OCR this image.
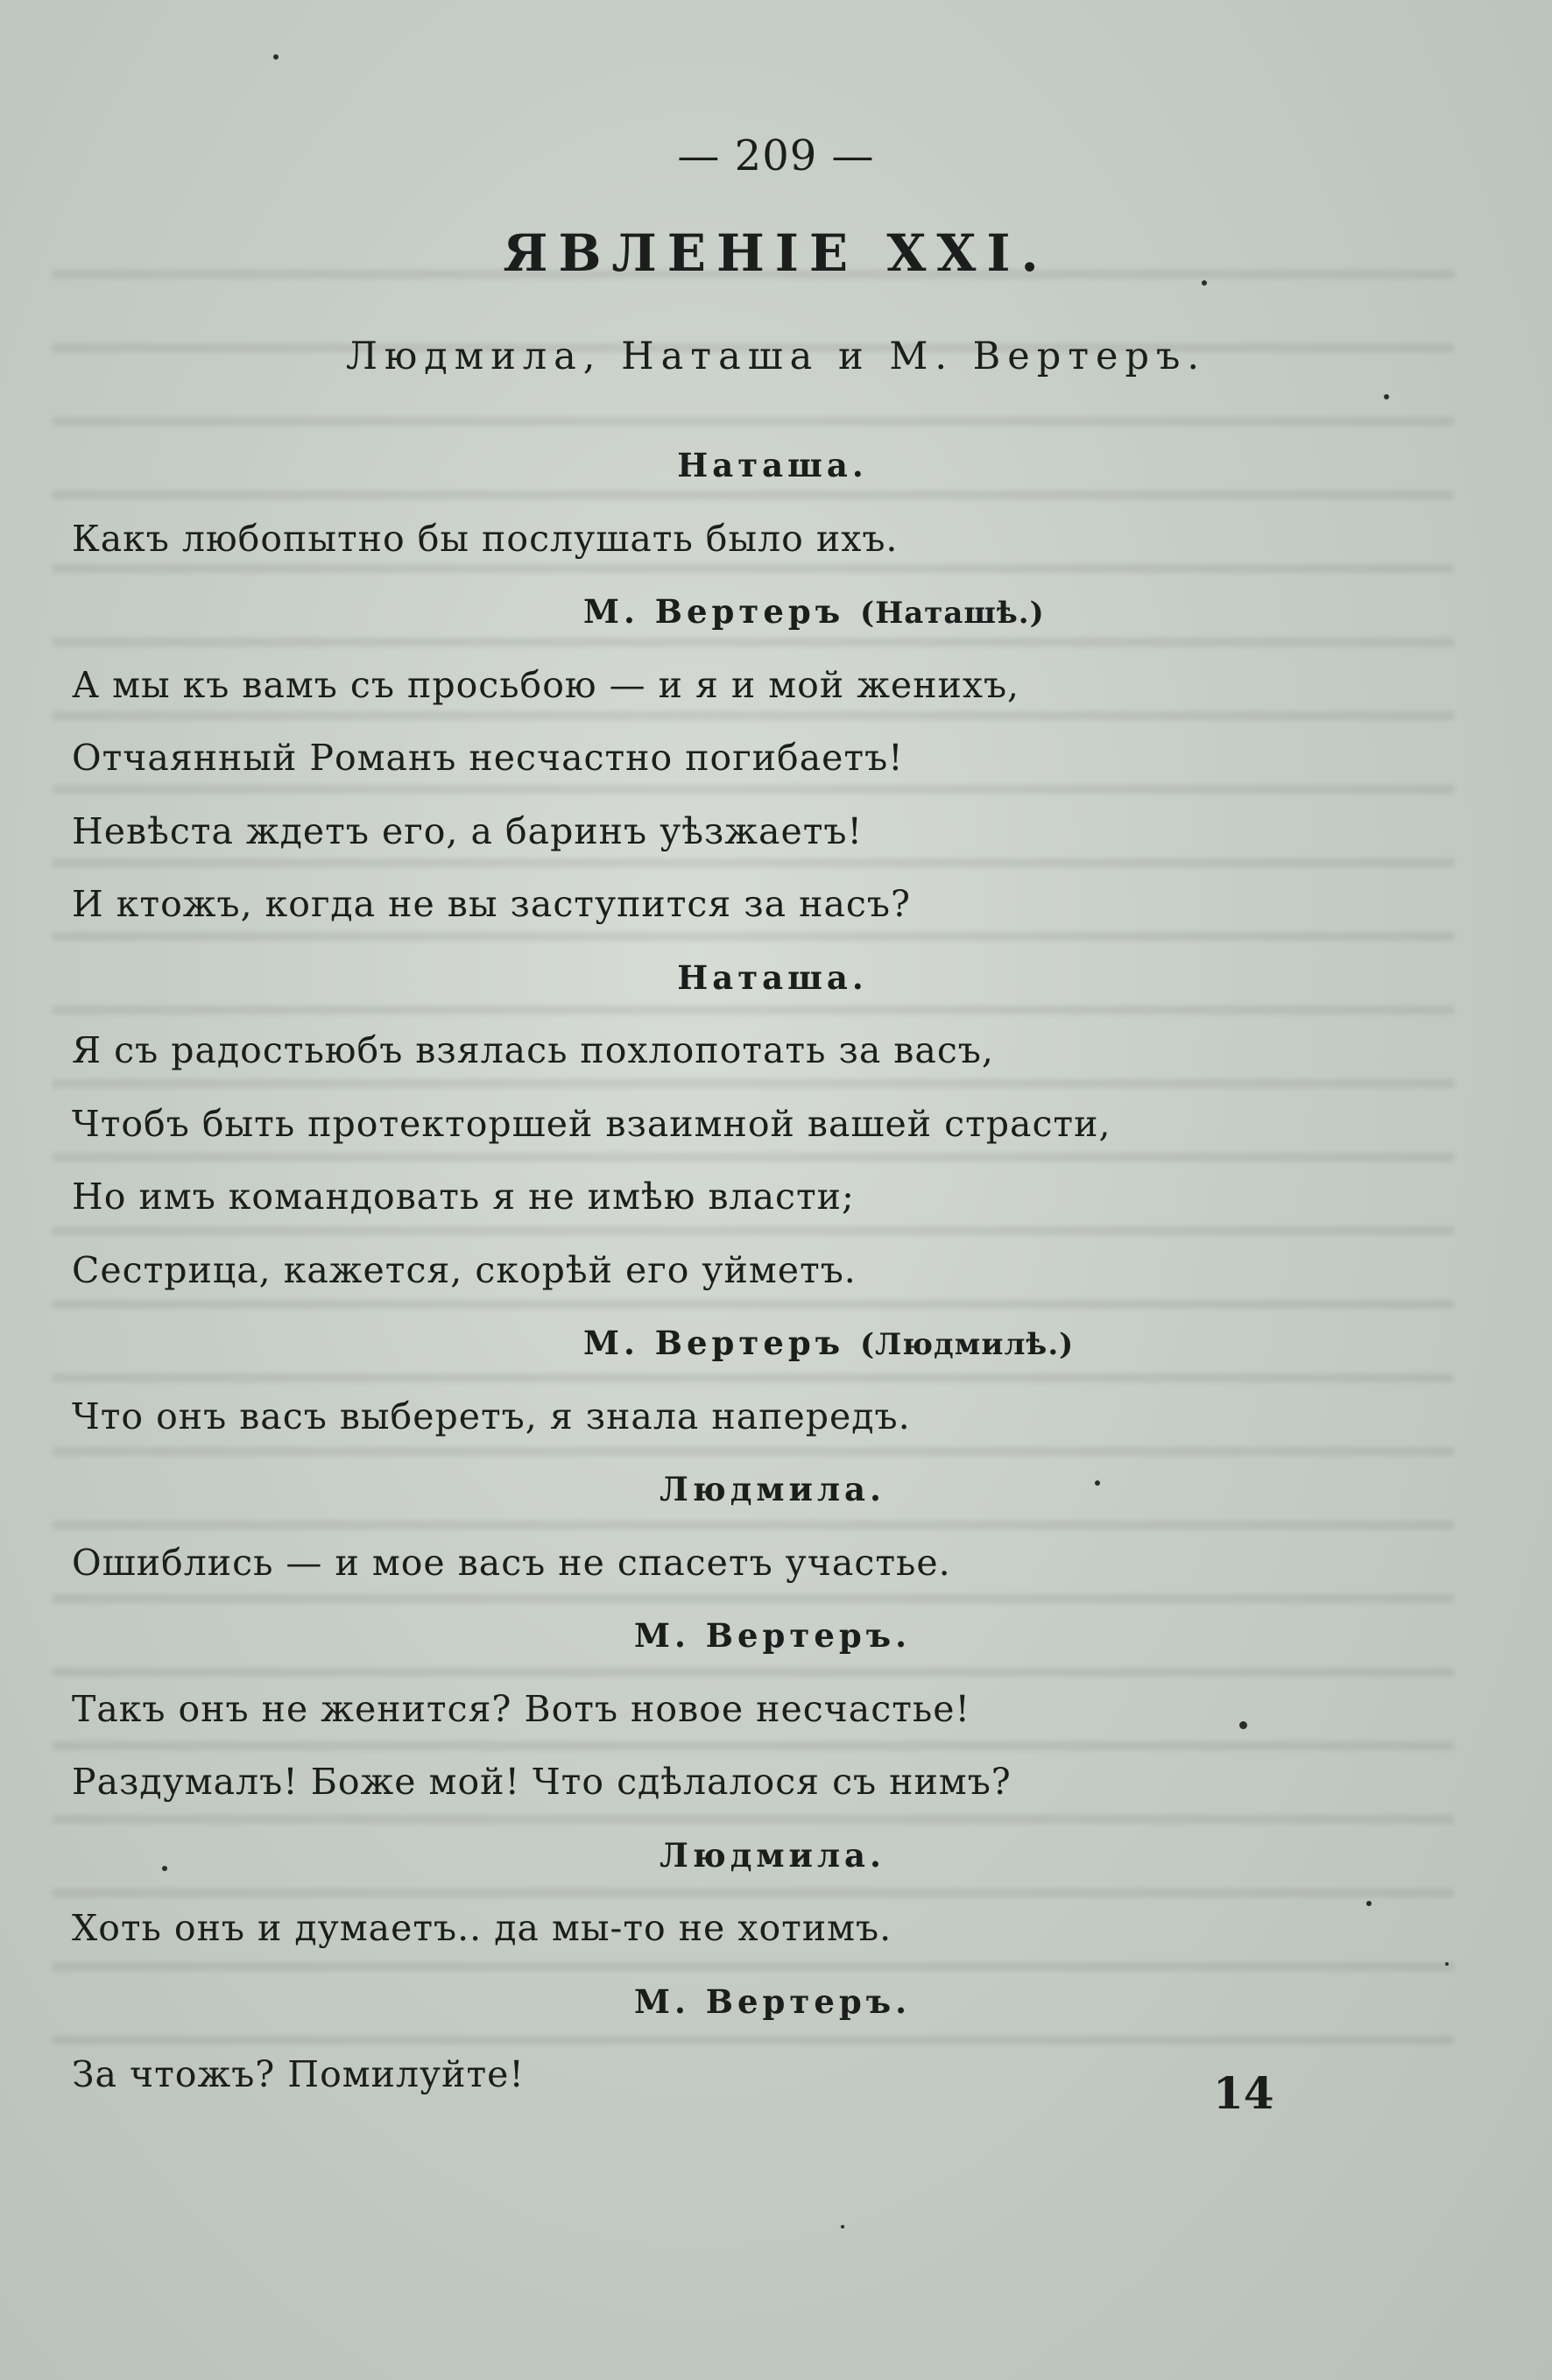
— 209 —
ЯВЛЕНІЕ XXI.
Людмила, Наташа и М. Вертеръ.
Наташа.
Какъ любопытно бы послушать было ихъ.
М. Вертеръ (Наташѣ.)
А мы къ вамъ съ просьбою — и я и мой женихъ,
Отчаянный Романъ несчастно погибаетъ!
Невѣста ждетъ его, а баринъ уѣзжаетъ!
И ктожъ, когда не вы заступится за насъ?
Наташа.
Я съ радостьюбъ взялась похлопотать за васъ,
Чтобъ быть протекторшей взаимной вашей страсти,
Но имъ командовать я не имѣю власти;
Сестрица, кажется, скорѣй его уйметъ.
М. Вертеръ (Людмилѣ.)
Что онъ васъ выберетъ, я знала напередъ.
Людмила.
Ошиблись — и мое васъ не спасетъ участье.
М. Вертеръ.
Такъ онъ не женится? Вотъ новое несчастье!
Раздумалъ! Боже мой! Что сдѣлалося съ нимъ?
Людмила.
Хоть онъ и думаетъ.. да мы-то не хотимъ.
М. Вертеръ.
За чтожъ? Помилуйте!	14
